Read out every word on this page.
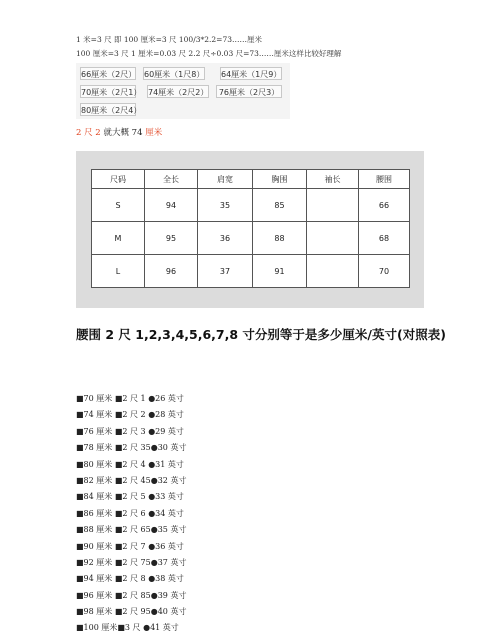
1 米=3 尺 即 100 厘米=3 尺 100/3*2.2=73……厘米
100 厘米=3 尺 1 厘米=0.03 尺 2.2 尺÷0.03 尺=73……厘米这样比较好理解
66厘米（2尺） 60厘米（1尺8） 64厘米（1尺9）
70厘米（2尺1） 74厘米（2尺2）	76厘米（2尺3）
80厘米（2尺4）
2 尺 2 就大概 74 厘米
尺码	全长	肩宽	胸围	袖长	腰围
S	94	35	85		66
M	95	36	88		68
L	96	37	91		70
腰围 2 尺 1,2,3,4,5,6,7,8 寸分别等于是多少厘米/英寸(对照表)
■70 厘米 ■2 尺 1 ●26 英寸
■74 厘米 ■2 尺 2 ●28 英寸
■76 厘米 ■2 尺 3 ●29 英寸
■78 厘米 ■2 尺 35●30 英寸
■80 厘米 ■2 尺 4 ●31 英寸
■82 厘米 ■2 尺 45●32 英寸
■84 厘米 ■2 尺 5 ●33 英寸
■86 厘米 ■2 尺 6 ●34 英寸
■88 厘米 ■2 尺 65●35 英寸
■90 厘米 ■2 尺 7 ●36 英寸
■92 厘米 ■2 尺 75●37 英寸
■94 厘米 ■2 尺 8 ●38 英寸
■96 厘米 ■2 尺 85●39 英寸
■98 厘米 ■2 尺 95●40 英寸
■100 厘米■3 尺 ●41 英寸
